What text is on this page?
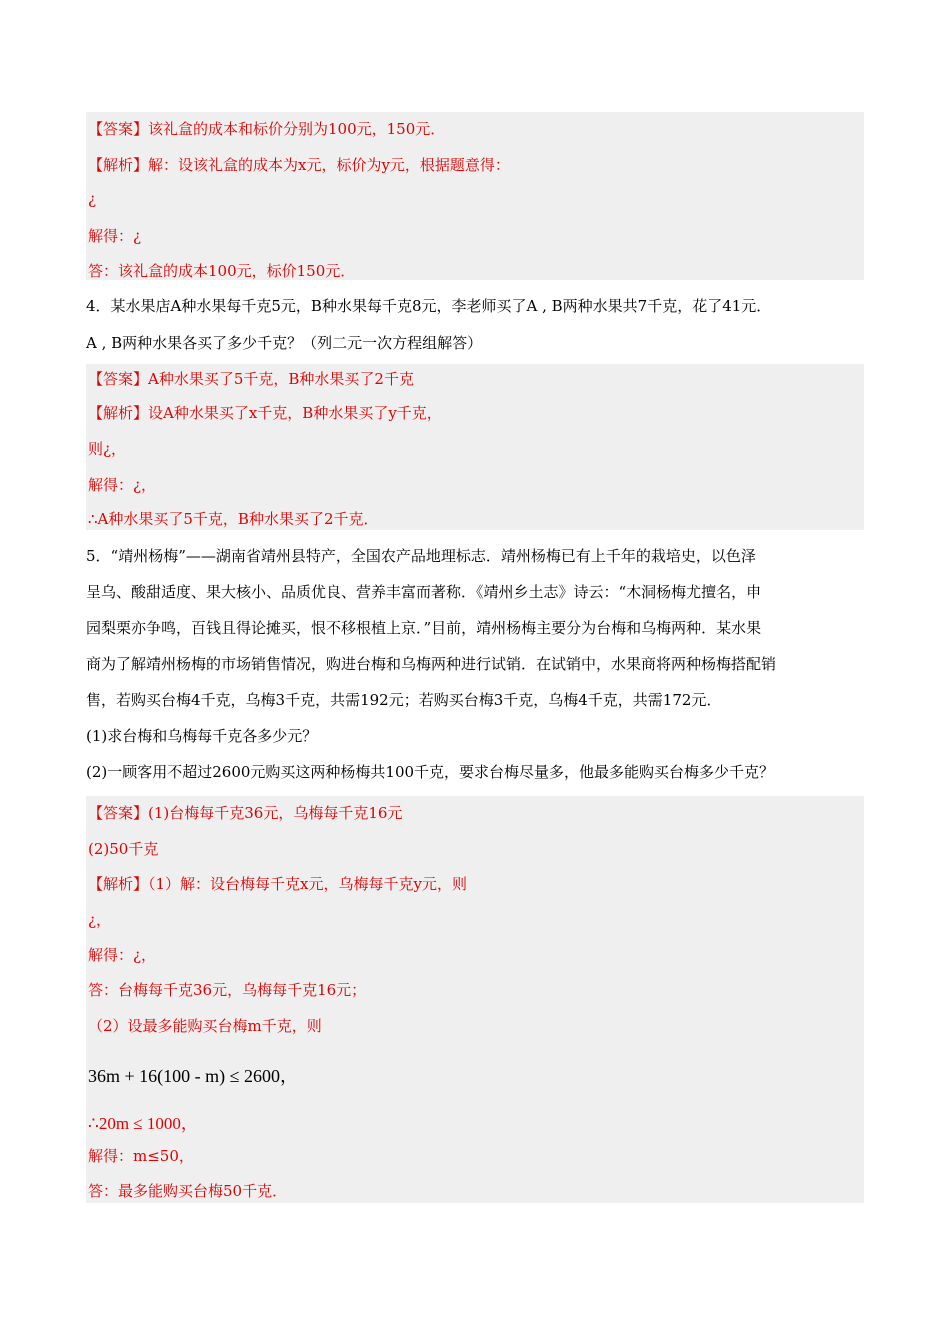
【答案】该礼盒的成本和标价分别为100元，150元．
【解析】解：设该礼盒的成本为x元，标价为y元，根据题意得：
¿
解得：¿
答：该礼盒的成本100元，标价150元．
4．某水果店A种水果每千克5元，B种水果每千克8元，李老师买了A , B两种水果共7千克，花了41元．
A , B两种水果各买了多少千克？（列二元一次方程组解答）
【答案】A种水果买了5千克，B种水果买了2千克
【解析】设A种水果买了x千克，B种水果买了y千克，
则¿，
解得：¿，
∴A种水果买了5千克，B种水果买了2千克．
5．“靖州杨梅”——湖南省靖州县特产，全国农产品地理标志．靖州杨梅已有上千年的栽培史，以色泽
呈乌、酸甜适度、果大核小、品质优良、营养丰富而著称．《靖州乡土志》诗云：“木洞杨梅尤擅名，申
园梨栗亦争鸣，百钱且得论摊买，恨不移根植上京．”目前，靖州杨梅主要分为台梅和乌梅两种．某水果
商为了解靖州杨梅的市场销售情况，购进台梅和乌梅两种进行试销．在试销中，水果商将两种杨梅搭配销
售，若购买台梅4千克，乌梅3千克，共需192元；若购买台梅3千克，乌梅4千克，共需172元．
(1)求台梅和乌梅每千克各多少元？
(2)一顾客用不超过2600元购买这两种杨梅共100千克，要求台梅尽量多，他最多能购买台梅多少千克？
【答案】(1)台梅每千克36元，乌梅每千克16元
(2)50千克
【解析】（1）解：设台梅每千克x元，乌梅每千克y元，则
¿，
解得：¿，
答：台梅每千克36元，乌梅每千克16元；
（2）设最多能购买台梅m千克，则
36m + 16(100 - m) ≤ 2600，
∴20m ≤ 1000，
解得：m≤50，
答：最多能购买台梅50千克．
